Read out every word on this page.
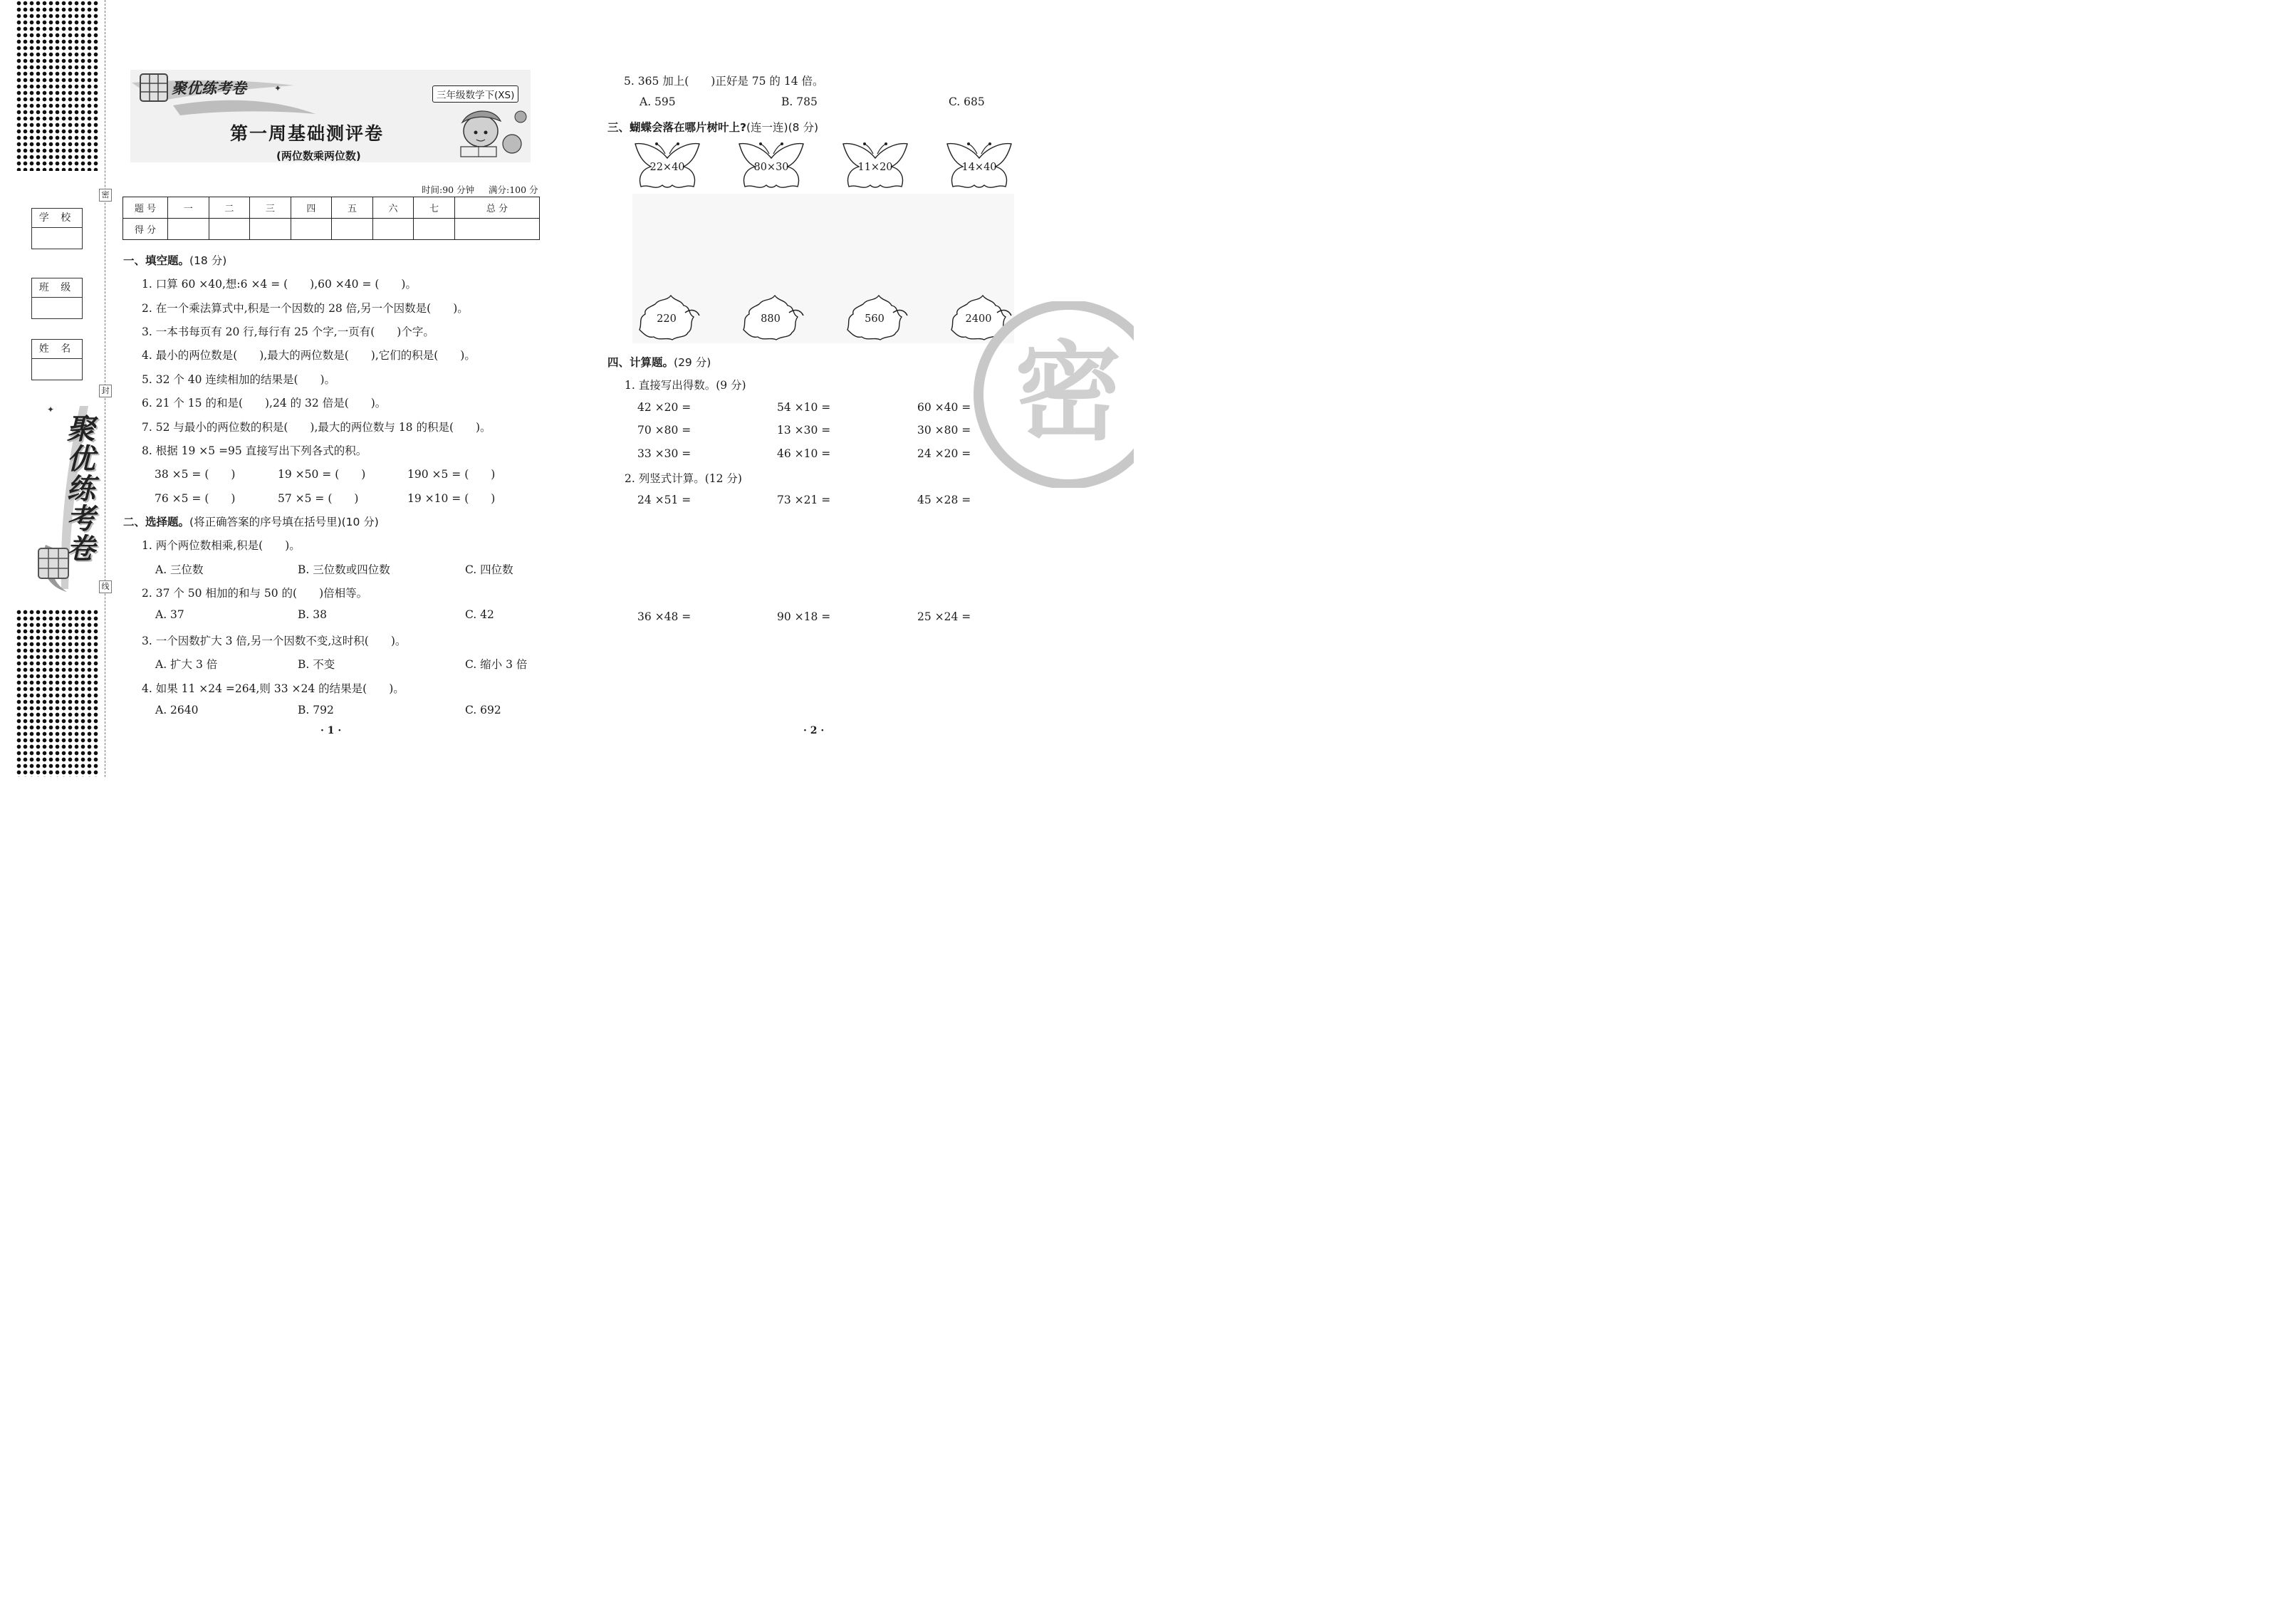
密
封
线
学 校
班 级
姓 名
✦
聚优练考卷
✦
聚优练考卷	三年级数学下(XS)
第一周基础测评卷
(两位数乘两位数)
时间:90 分钟 满分:100 分
题 号	一	二	三	四	五	六	七	总 分
得 分								
一、填空题。(18 分)
1. 口算 60 ×40,想:6 ×4 = (　　),60 ×40 = (　　)。
2. 在一个乘法算式中,积是一个因数的 28 倍,另一个因数是(　　)。
3. 一本书每页有 20 行,每行有 25 个字,一页有(　　)个字。
4. 最小的两位数是(　　),最大的两位数是(　　),它们的积是(　　)。
5. 32 个 40 连续相加的结果是(　　)。
6. 21 个 15 的和是(　　),24 的 32 倍是(　　)。
7. 52 与最小的两位数的积是(　　),最大的两位数与 18 的积是(　　)。
8. 根据 19 ×5 =95 直接写出下列各式的积。
38 ×5 = (　　)	19 ×50 = (　　)	190 ×5 = (　　)
76 ×5 = (　　)	57 ×5 = (　　)	19 ×10 = (　　)
二、选择题。(将正确答案的序号填在括号里)(10 分)
1. 两个两位数相乘,积是(　　)。
A. 三位数	B. 三位数或四位数	C. 四位数
2. 37 个 50 相加的和与 50 的(　　)倍相等。
A. 37	B. 38	C. 42
3. 一个因数扩大 3 倍,另一个因数不变,这时积(　　)。
A. 扩大 3 倍	B. 不变	C. 缩小 3 倍
4. 如果 11 ×24 =264,则 33 ×24 的结果是(　　)。
A. 2640	B. 792	C. 692
· 1 ·
5. 365 加上(　　)正好是 75 的 14 倍。
A. 595	B. 785	C. 685
三、蝴蝶会落在哪片树叶上?(连一连)(8 分)
22×40	80×30	11×20	14×40
220	880	560	2400
密
四、计算题。(29 分)
1. 直接写出得数。(9 分)
42 ×20 =	54 ×10 =	60 ×40 =
70 ×80 =	13 ×30 =	30 ×80 =
33 ×30 =	46 ×10 =	24 ×20 =
2. 列竖式计算。(12 分)
24 ×51 =	73 ×21 =	45 ×28 =
36 ×48 =	90 ×18 =	25 ×24 =
· 2 ·
